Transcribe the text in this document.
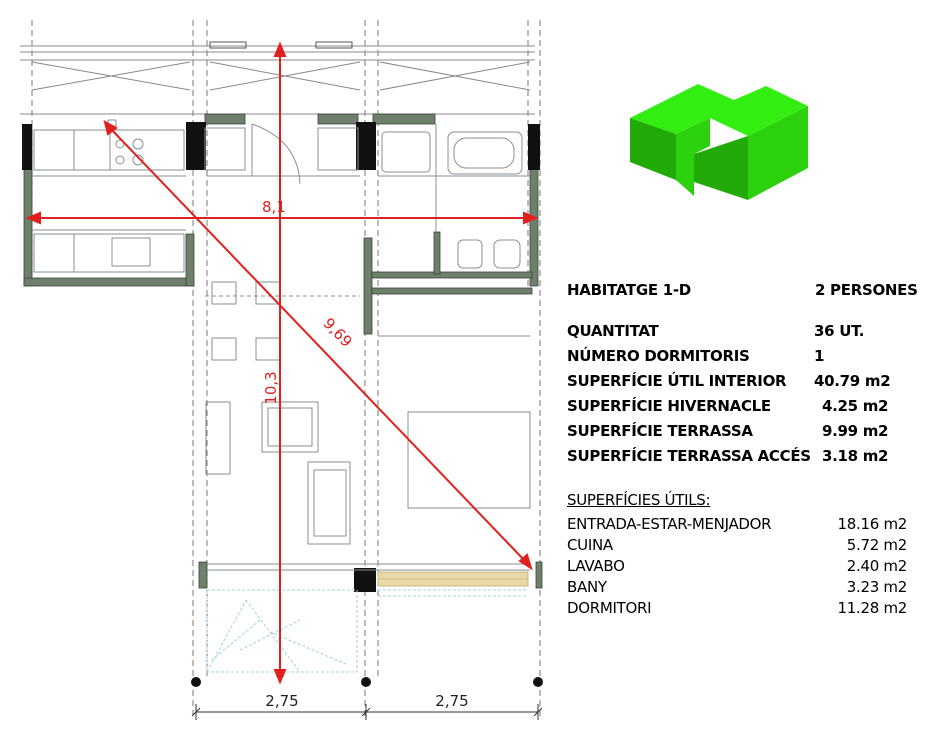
8,1
10,3
9,69
2,75	2,75
HABITATGE 1-D	2 PERSONES
QUANTITAT	36 UT.
NÚMERO DORMITORIS	1
SUPERFÍCIE ÚTIL INTERIOR 40.79 m2
SUPERFÍCIE HIVERNACLE	4.25 m2
SUPERFÍCIE TERRASSA	9.99 m2
SUPERFÍCIE TERRASSA ACCÉS 3.18 m2
SUPERFÍCIES ÚTILS:
ENTRADA-ESTAR-MENJADOR	18.16 m2
CUINA	5.72 m2
LAVABO	2.40 m2
BANY	3.23 m2
DORMITORI	11.28 m2
